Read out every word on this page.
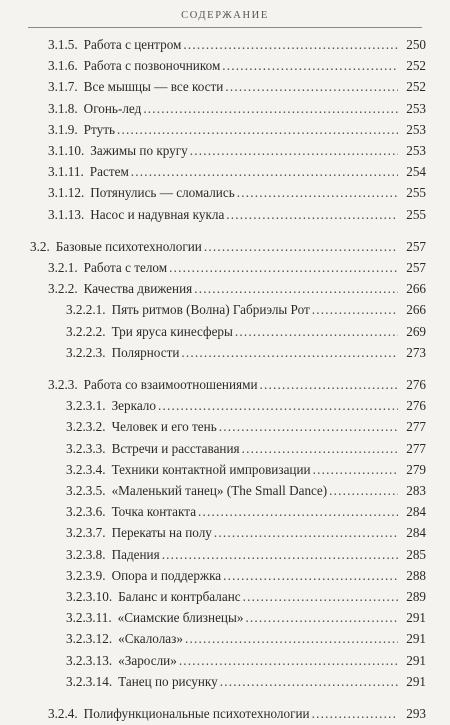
СОДЕРЖАНИЕ
3.1.5. Работа с центром .....	250
3.1.6. Работа с позвоночником .....	252
3.1.7. Все мышцы — все кости .....	252
3.1.8. Огонь-лед .....	253
3.1.9. Ртуть .....	253
3.1.10. Зажимы по кругу .....	253
3.1.11. Растем .....	254
3.1.12. Потянулись — сломались .....	255
3.1.13. Насос и надувная кукла .....	255
3.2. Базовые психотехнологии .....	257
3.2.1. Работа с телом .....	257
3.2.2. Качества движения .....	266
3.2.2.1. Пять ритмов (Волна) Габриэлы Рот .....	266
3.2.2.2. Три яруса кинесферы .....	269
3.2.2.3. Полярности .....	273
3.2.3. Работа со взаимоотношениями .....	276
3.2.3.1. Зеркало .....	276
3.2.3.2. Человек и его тень .....	277
3.2.3.3. Встречи и расставания .....	277
3.2.3.4. Техники контактной импровизации .....	279
3.2.3.5. «Маленький танец» (The Small Dance) .....	283
3.2.3.6. Точка контакта .....	284
3.2.3.7. Перекаты на полу .....	284
3.2.3.8. Падения .....	285
3.2.3.9. Опора и поддержка .....	288
3.2.3.10. Баланс и контрбаланс .....	289
3.2.3.11. «Сиамские близнецы» .....	291
3.2.3.12. «Скалолаз» .....	291
3.2.3.13. «Заросли» .....	291
3.2.3.14. Танец по рисунку .....	291
3.2.4. Полифункциональные психотехнологии .....	293
